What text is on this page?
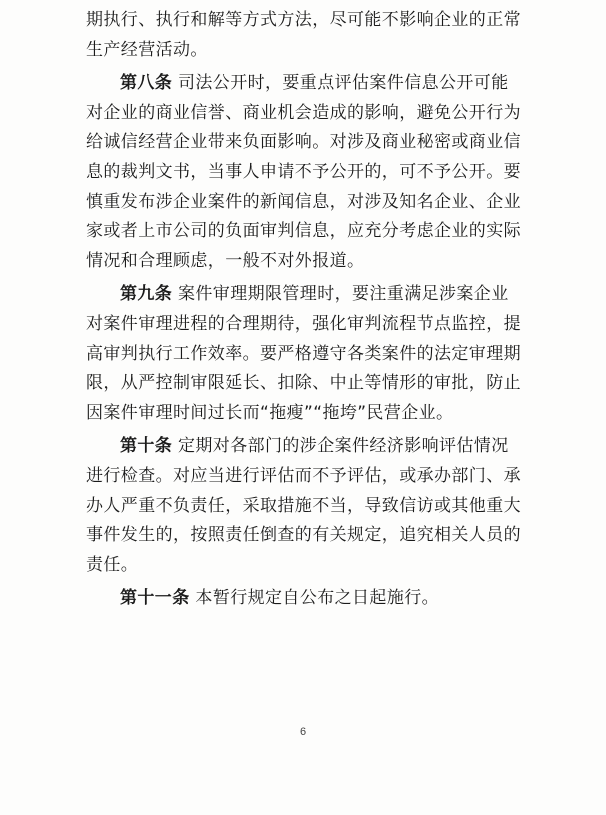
期执行、执行和解等方式方法，尽可能不影响企业的正常
生产经营活动。
第八条 司法公开时，要重点评估案件信息公开可能
对企业的商业信誉、商业机会造成的影响，避免公开行为
给诚信经营企业带来负面影响。对涉及商业秘密或商业信
息的裁判文书，当事人申请不予公开的，可不予公开。要
慎重发布涉企业案件的新闻信息，对涉及知名企业、企业
家或者上市公司的负面审判信息，应充分考虑企业的实际
情况和合理顾虑，一般不对外报道。
第九条 案件审理期限管理时，要注重满足涉案企业
对案件审理进程的合理期待，强化审判流程节点监控，提
高审判执行工作效率。要严格遵守各类案件的法定审理期
限，从严控制审限延长、扣除、中止等情形的审批，防止
因案件审理时间过长而“拖瘦”“拖垮”民营企业。
第十条 定期对各部门的涉企案件经济影响评估情况
进行检查。对应当进行评估而不予评估，或承办部门、承
办人严重不负责任，采取措施不当，导致信访或其他重大
事件发生的，按照责任倒查的有关规定，追究相关人员的
责任。
第十一条 本暂行规定自公布之日起施行。
6
